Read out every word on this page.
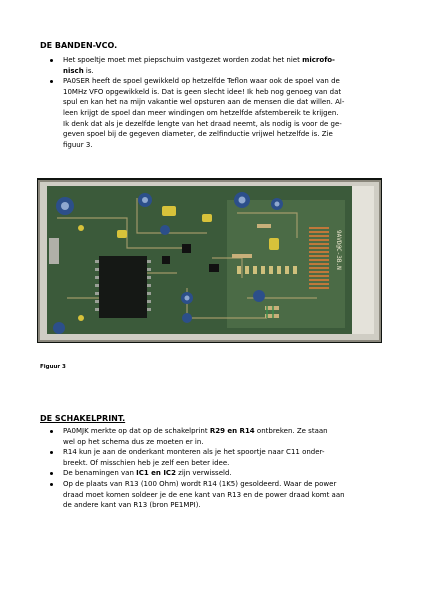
DE BANDEN-VCO.
Het spoeltje moet met piepschuim vastgezet worden zodat het niet microfo-
nisch is.
PA0SER heeft de spoel gewikkeld op hetzelfde Teflon waar ook de spoel van de
10MHz VFO opgewikkeld is. Dat is geen slecht idee! Ik heb nog genoeg van dat
spul en kan het na mijn vakantie wel opsturen aan de mensen die dat willen. Al-
leen krijgt de spoel dan meer windingen om hetzelfde afstembereik te krijgen.
Ik denk dat als je dezelfde lengte van het draad neemt, als nodig is voor de ge-
geven spoel bij de gegeven diameter, de zelfinductie vrijwel hetzelfde is. Zie
figuur 3.
9AVD@C-3B.N
Figuur 3
DE SCHAKELPRINT.
PA0MJK merkte op dat op de schakelprint R29 en R14 ontbreken. Ze staan
wel op het schema dus ze moeten er in.
R14 kun je aan de onderkant monteren als je het spoortje naar C11 onder-
breekt. Of misschien heb je zelf een beter idee.
De benamingen van IC1 en IC2 zijn verwisseld.
Op de plaats van R13 (100 Ohm) wordt R14 (1K5) gesoldeerd. Waar de power
draad moet komen soldeer je de ene kant van R13 en de power draad komt aan
de andere kant van R13 (bron PE1MPI).
